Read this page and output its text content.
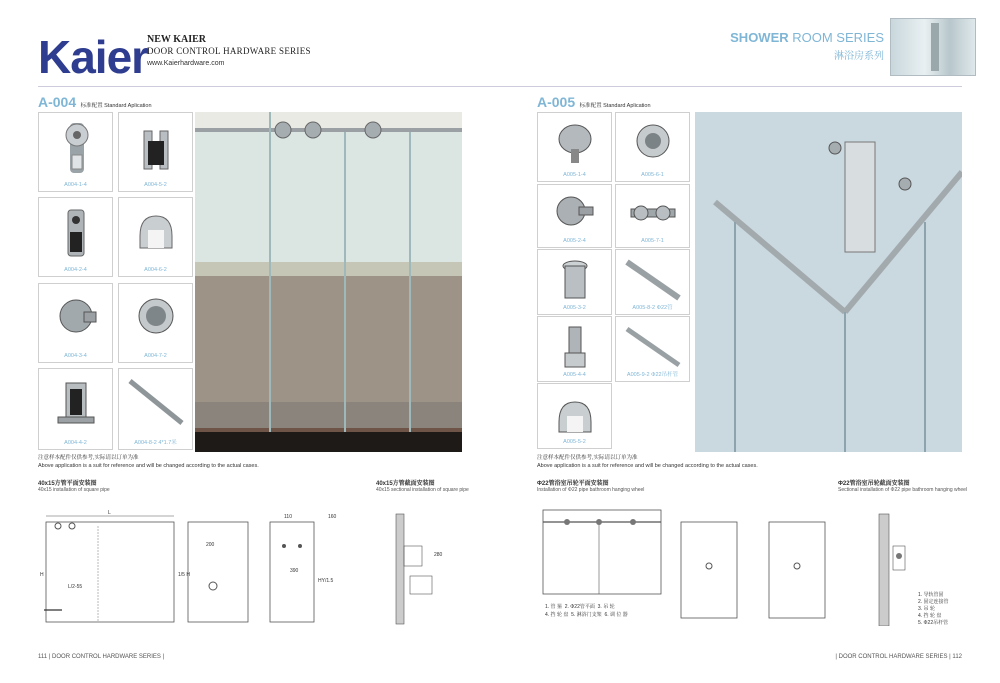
Kaier
NEW KAIER
DOOR CONTROL HARDWARE SERIES
www.Kaierhardware.com
SHOWER ROOM SERIES
淋浴房系列
A-004 标准配置 Standard Aplication
A004-1-4	A004-5-2
A004-2-4	A004-6-2
A004-3-4	A004-7-2
A004-4-2	A004-8-2 4*1.7米
注意样本配件仅供参考,实际请以订单为准
Above application is a suit for reference and will be changed according to the actual cases.
40x15方管平面安装图
40x15 installation of square pipe
40x15方管截面安装图
40x15 sectional installation of square pipe
L
H
L/2-55
200
1/5 H
110
390
HY/1.5
160
280
111 | DOOR CONTROL HARDWARE SERIES |
A-005 标准配置 Standard Aplication
A005-1-4	A005-6-1
A005-2-4	A005-7-1
A005-3-2	A005-8-2 Φ22管
A005-4-4	A005-9-2 Φ22吊杆管
A005-5-2
注意样本配件仅供参考,实际请以订单为准
Above application is a suit for reference and will be changed according to the actual cases.
Φ22管浴室吊轮平面安装图
Installation of Φ22 pipe bathroom hanging wheel
Φ22管浴室吊轮截面安装图
Sectional installation of Φ22 pipe bathroom hanging wheel
1. 管 箍 2. Φ22管平面 3. 吊 轮
4. 挡 轮 盘 5. 淋浴门支架 6. 调 位 器
1. 导轨管固
2. 固定连接管
3. 吊 轮
4. 挡 轮 盘
5. Φ22吊杆管
| DOOR CONTROL HARDWARE SERIES | 112
